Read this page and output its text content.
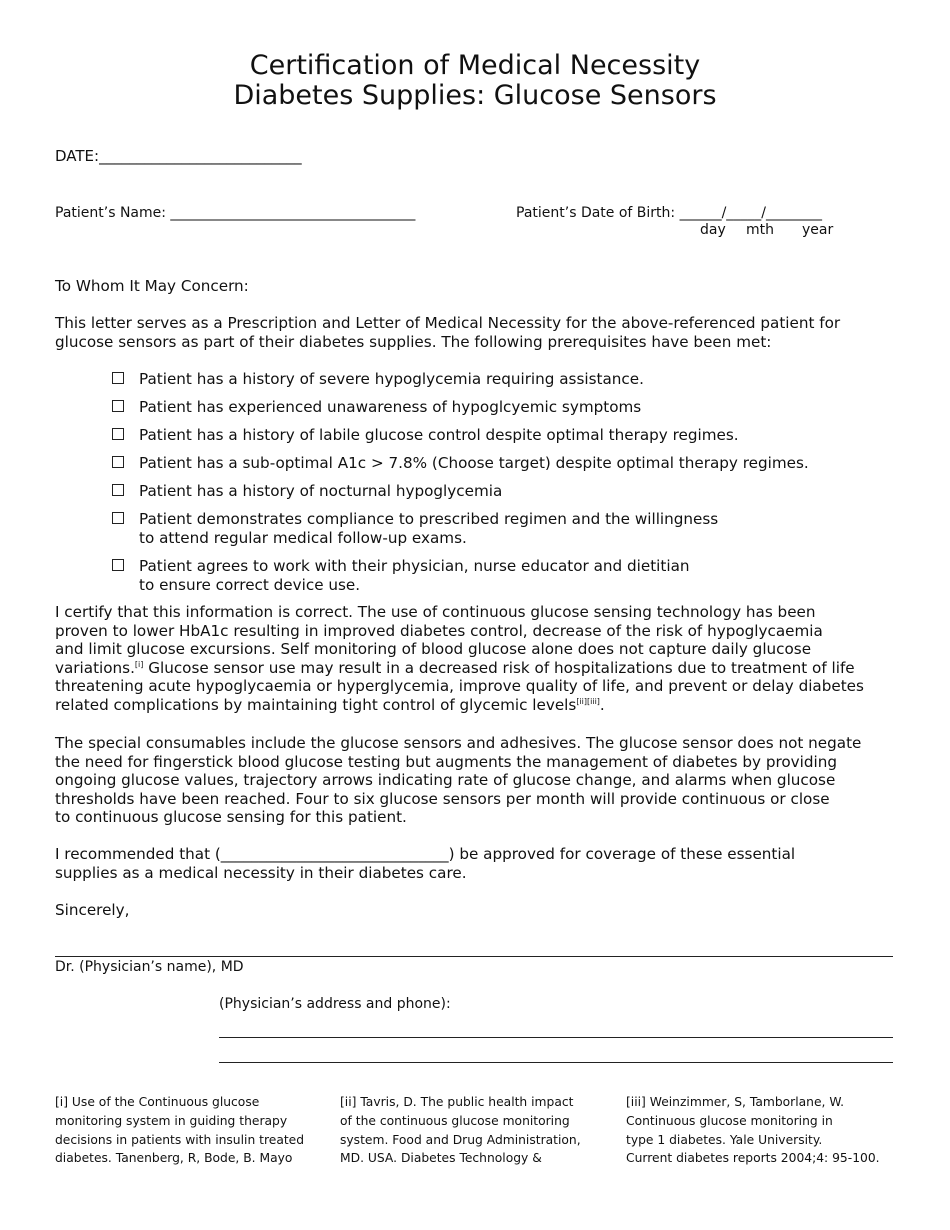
Certification of Medical Necessity
Diabetes Supplies: Glucose Sensors
DATE:___________________________
Patient’s Name: ___________________________________	Patient’s Date of Birth: ______/_____/________
day mth year
To Whom It May Concern:
This letter serves as a Prescription and Letter of Medical Necessity for the above-referenced patient for
glucose sensors as part of their diabetes supplies. The following prerequisites have been met:
Patient has a history of severe hypoglycemia requiring assistance.
Patient has experienced unawareness of hypoglcyemic symptoms
Patient has a history of labile glucose control despite optimal therapy regimes.
Patient has a sub-optimal A1c > 7.8% (Choose target) despite optimal therapy regimes.
Patient has a history of nocturnal hypoglycemia
Patient demonstrates compliance to prescribed regimen and the willingness
to attend regular medical follow-up exams.
Patient agrees to work with their physician, nurse educator and dietitian
to ensure correct device use.
I certify that this information is correct. The use of continuous glucose sensing technology has been
proven to lower HbA1c resulting in improved diabetes control, decrease of the risk of hypoglycaemia
and limit glucose excursions. Self monitoring of blood glucose alone does not capture daily glucose
variations.[i] Glucose sensor use may result in a decreased risk of hospitalizations due to treatment of life
threatening acute hypoglycaemia or hyperglycemia, improve quality of life, and prevent or delay diabetes
related complications by maintaining tight control of glycemic levels[ii][iii].
The special consumables include the glucose sensors and adhesives. The glucose sensor does not negate
the need for fingerstick blood glucose testing but augments the management of diabetes by providing
ongoing glucose values, trajectory arrows indicating rate of glucose change, and alarms when glucose
thresholds have been reached. Four to six glucose sensors per month will provide continuous or close
to continuous glucose sensing for this patient.
I recommended that (______________________________) be approved for coverage of these essential
supplies as a medical necessity in their diabetes care.
Sincerely,
Dr. (Physician’s name), MD
(Physician’s address and phone):
[i] Use of the Continuous glucose
monitoring system in guiding therapy
decisions in patients with insulin treated
diabetes. Tanenberg, R, Bode, B. Mayo
[ii] Tavris, D. The public health impact
of the continuous glucose monitoring
system. Food and Drug Administration,
MD. USA. Diabetes Technology &
[iii] Weinzimmer, S, Tamborlane, W.
Continuous glucose monitoring in
type 1 diabetes. Yale University.
Current diabetes reports 2004;4: 95-100.
